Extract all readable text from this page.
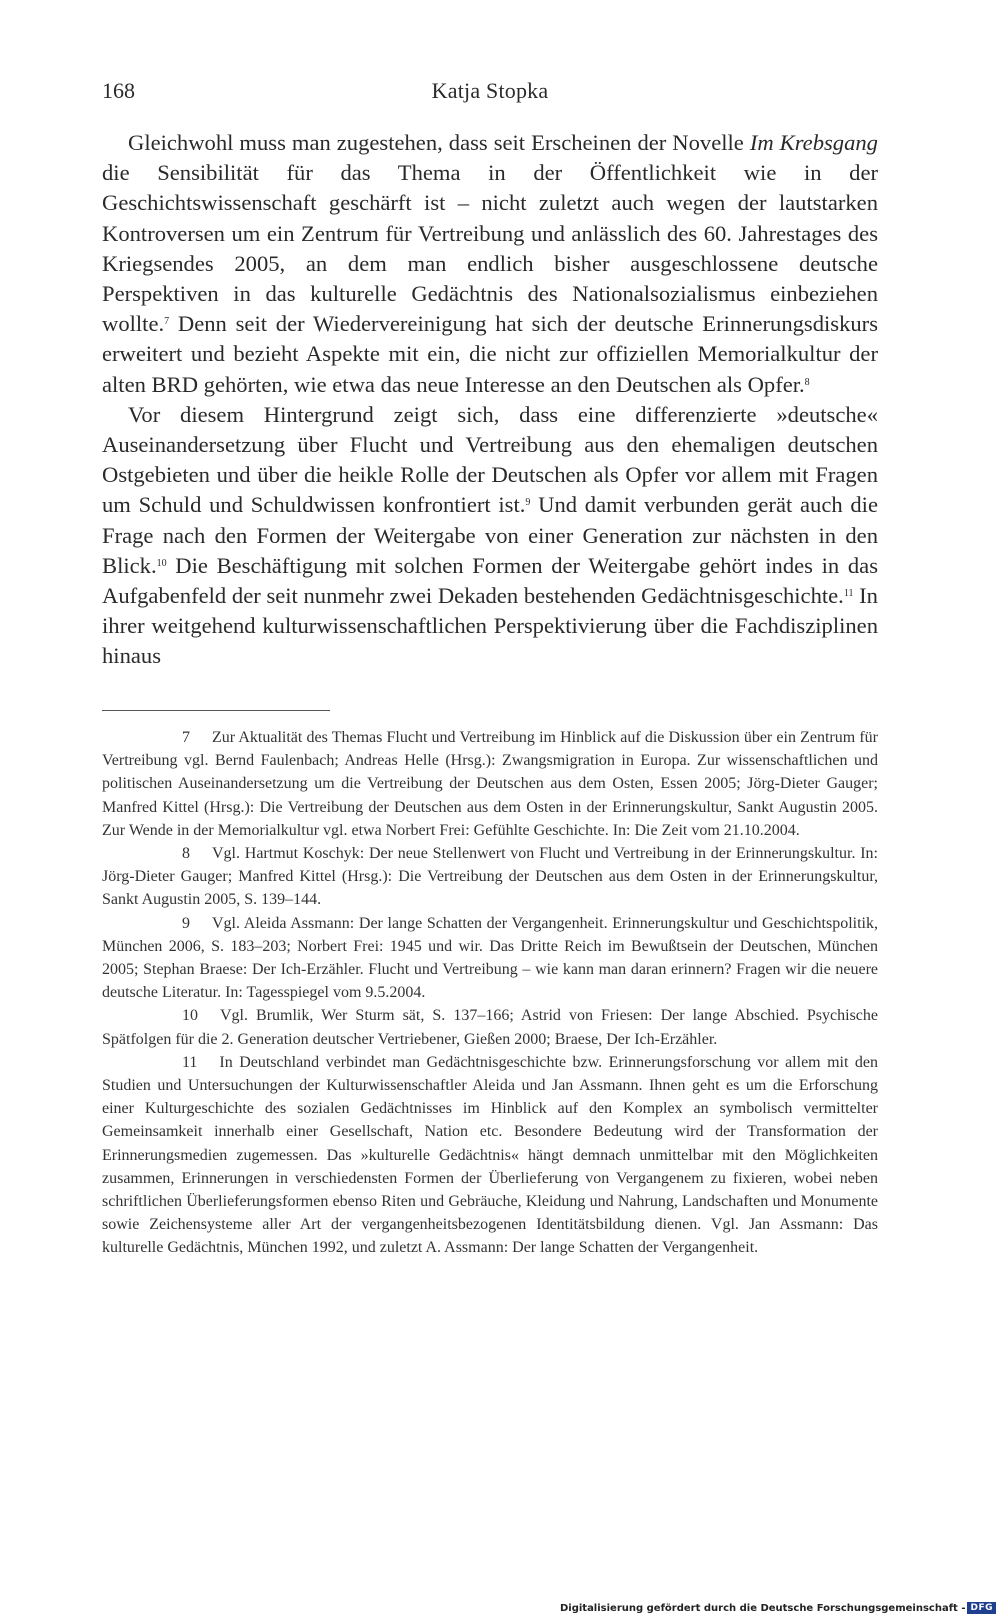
168	Katja Stopka

Gleichwohl muss man zugestehen, dass seit Erscheinen der Novelle Im Krebsgang die Sensibilität für das Thema in der Öffentlichkeit wie in der Geschichtswissenschaft geschärft ist – nicht zuletzt auch wegen der lautstarken Kontroversen um ein Zentrum für Vertreibung und anlässlich des 60. Jahrestages des Kriegsendes 2005, an dem man endlich bisher ausgeschlossene deutsche Perspektiven in das kulturelle Gedächtnis des Nationalsozialismus einbeziehen wollte.$^7$ Denn seit der Wiedervereinigung hat sich der deutsche Erinnerungsdiskurs erweitert und bezieht Aspekte mit ein, die nicht zur offiziellen Memorialkultur der alten BRD gehörten, wie etwa das neue Interesse an den Deutschen als Opfer.$^8$

Vor diesem Hintergrund zeigt sich, dass eine differenzierte »deutsche« Auseinandersetzung über Flucht und Vertreibung aus den ehemaligen deutschen Ostgebieten und über die heikle Rolle der Deutschen als Opfer vor allem mit Fragen um Schuld und Schuldwissen konfrontiert ist.$^9$ Und damit verbunden gerät auch die Frage nach den Formen der Weitergabe von einer Generation zur nächsten in den Blick.$^{10}$ Die Beschäftigung mit solchen Formen der Weitergabe gehört indes in das Aufgabenfeld der seit nunmehr zwei Dekaden bestehenden Gedächtnisgeschichte.$^{11}$ In ihrer weitgehend kulturwissenschaftlichen Perspektivierung über die Fachdisziplinen hinaus

7 Zur Aktualität des Themas Flucht und Vertreibung im Hinblick auf die Diskussion über ein Zentrum für Vertreibung vgl. Bernd Faulenbach; Andreas Helle (Hrsg.): Zwangsmigration in Europa. Zur wissenschaftlichen und politischen Auseinandersetzung um die Vertreibung der Deutschen aus dem Osten, Essen 2005; Jörg-Dieter Gauger; Manfred Kittel (Hrsg.): Die Vertreibung der Deutschen aus dem Osten in der Erinnerungskultur, Sankt Augustin 2005. Zur Wende in der Memorialkultur vgl. etwa Norbert Frei: Gefühlte Geschichte. In: Die Zeit vom 21.10.2004.

8 Vgl. Hartmut Koschyk: Der neue Stellenwert von Flucht und Vertreibung in der Erinnerungskultur. In: Jörg-Dieter Gauger; Manfred Kittel (Hrsg.): Die Vertreibung der Deutschen aus dem Osten in der Erinnerungskultur, Sankt Augustin 2005, S. 139–144.

9 Vgl. Aleida Assmann: Der lange Schatten der Vergangenheit. Erinnerungskultur und Geschichtspolitik, München 2006, S. 183–203; Norbert Frei: 1945 und wir. Das Dritte Reich im Bewußtsein der Deutschen, München 2005; Stephan Braese: Der Ich-Erzähler. Flucht und Vertreibung – wie kann man daran erinnern? Fragen wir die neuere deutsche Literatur. In: Tagesspiegel vom 9.5.2004.

10 Vgl. Brumlik, Wer Sturm sät, S. 137–166; Astrid von Friesen: Der lange Abschied. Psychische Spätfolgen für die 2. Generation deutscher Vertriebener, Gießen 2000; Braese, Der Ich-Erzähler.

11 In Deutschland verbindet man Gedächtnisgeschichte bzw. Erinnerungsforschung vor allem mit den Studien und Untersuchungen der Kulturwissenschaftler Aleida und Jan Assmann. Ihnen geht es um die Erforschung einer Kulturgeschichte des sozialen Gedächtnisses im Hinblick auf den Komplex an symbolisch vermittelter Gemeinsamkeit innerhalb einer Gesellschaft, Nation etc. Besondere Bedeutung wird der Transformation der Erinnerungsmedien zugemessen. Das »kulturelle Gedächtnis« hängt demnach unmittelbar mit den Möglichkeiten zusammen, Erinnerungen in verschiedensten Formen der Überlieferung von Vergangenem zu fixieren, wobei neben schriftlichen Überlieferungsformen ebenso Riten und Gebräuche, Kleidung und Nahrung, Landschaften und Monumente sowie Zeichensysteme aller Art der vergangenheitsbezogenen Identitätsbildung dienen. Vgl. Jan Assmann: Das kulturelle Gedächtnis, München 1992, und zuletzt A. Assmann: Der lange Schatten der Vergangenheit.

Digitalisierung gefördert durch die Deutsche Forschungsgemeinschaft - DFG
